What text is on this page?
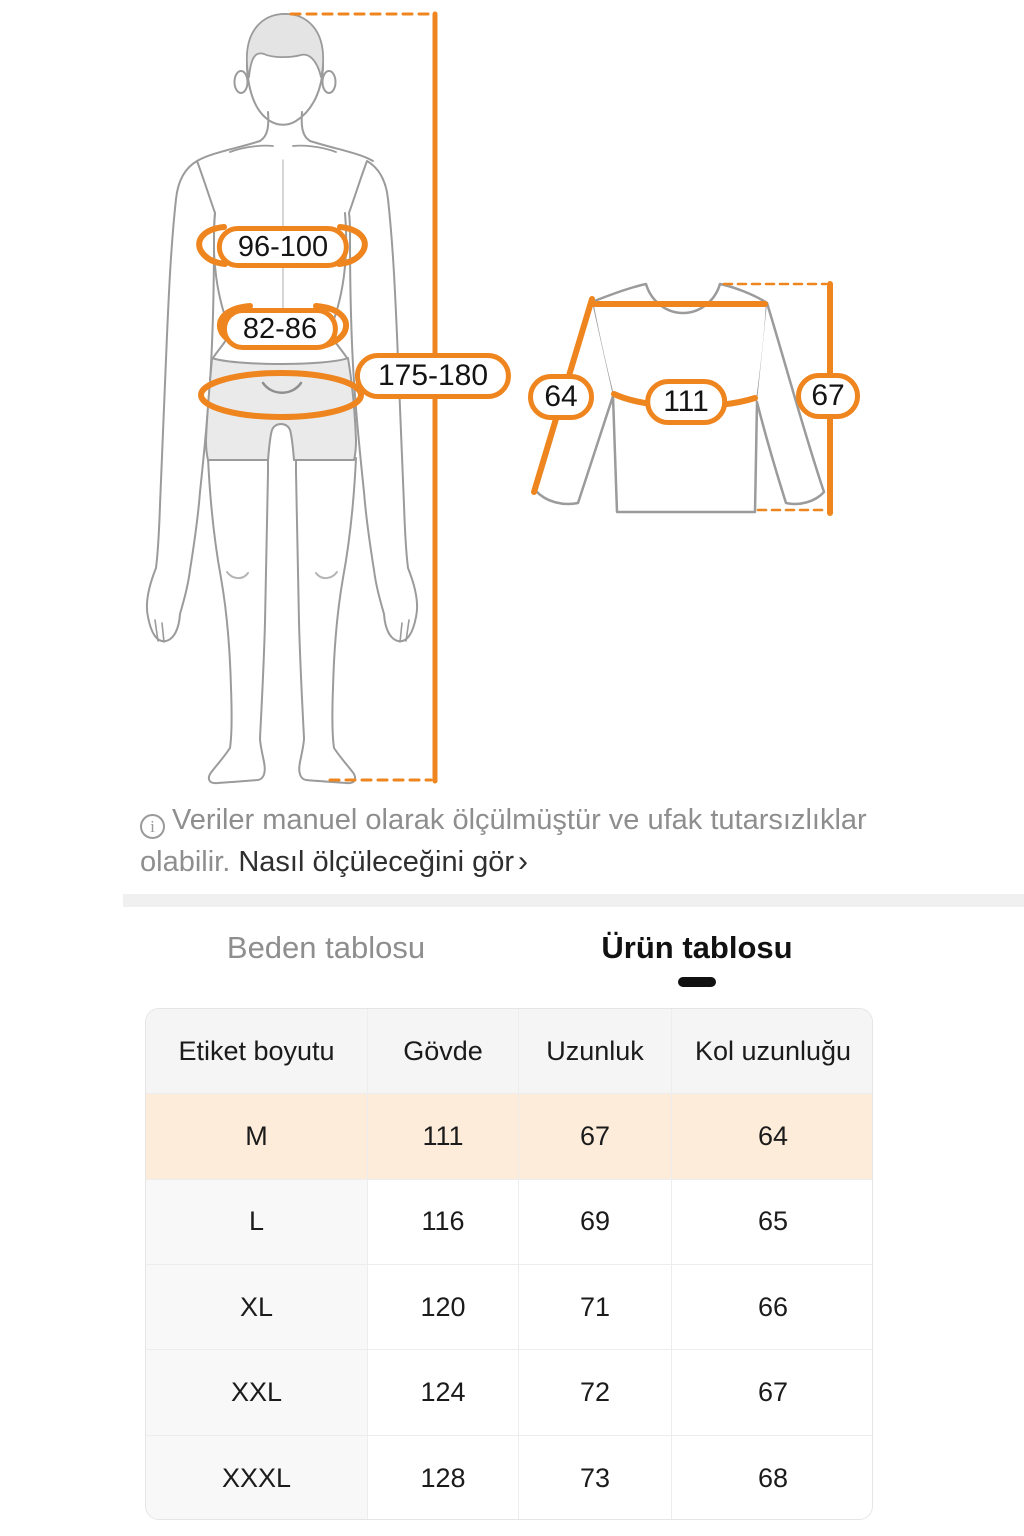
96-100
82-86
175-180
64	111	67
iVeriler manuel olarak ölçülmüştür ve ufak tutarsızlıklar
olabilir. Nasıl ölçüleceğini gör ›
Beden tablosu	Ürün tablosu
Etiket boyutu	Gövde	Uzunluk	Kol uzunluğu
M	111	67	64
L	116	69	65
XL	120	71	66
XXL	124	72	67
XXXL	128	73	68
